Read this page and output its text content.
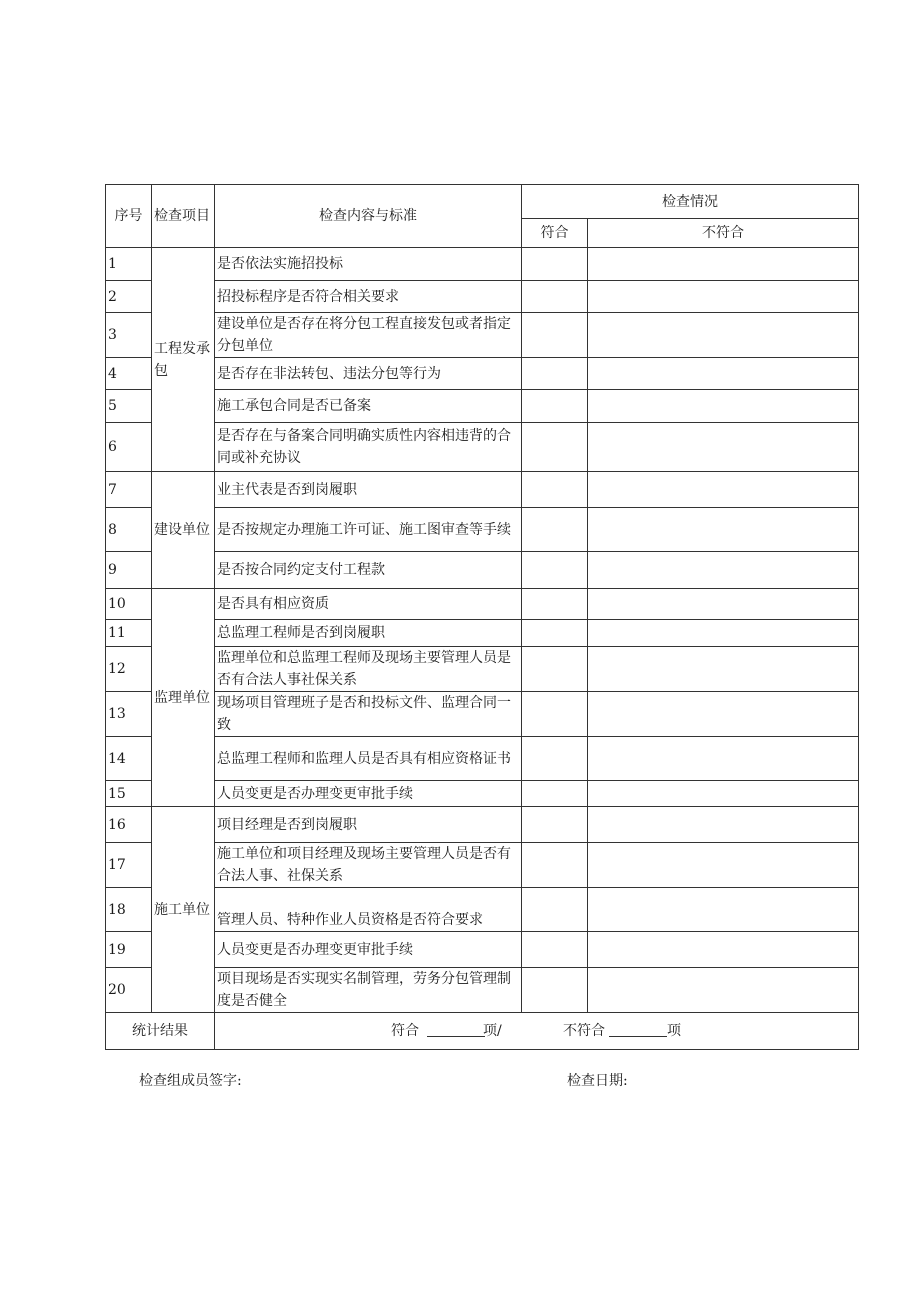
序号	检查项目	检查内容与标准	检查情况	
			符合	不符合
1	工程发承包	是否依法实施招投标		
2		招投标程序是否符合相关要求		
3		建设单位是否存在将分包工程直接发包或者指定分包单位		
4		是否存在非法转包、违法分包等行为		
5		施工承包合同是否已备案		
6		是否存在与备案合同明确实质性内容相违背的合同或补充协议		
7	建设单位	业主代表是否到岗履职		
8		是否按规定办理施工许可证、施工图审查等手续		
9		是否按合同约定支付工程款		
10	监理单位	是否具有相应资质		
11		总监理工程师是否到岗履职		
12		监理单位和总监理工程师及现场主要管理人员是否有合法人事社保关系		
13		现场项目管理班子是否和投标文件、监理合同一致		
14		总监理工程师和监理人员是否具有相应资格证书		
15		人员变更是否办理变更审批手续		
16	施工单位	项目经理是否到岗履职		
17		施工单位和项目经理及现场主要管理人员是否有合法人事、社保关系		
18		管理人员、特种作业人员资格是否符合要求		
19		人员变更是否办理变更审批手续		
20		项目现场是否实现实名制管理，劳务分包管理制度是否健全		
统计结果		符合 项/ 不符合 项		
检查组成员签字:	检查日期:
